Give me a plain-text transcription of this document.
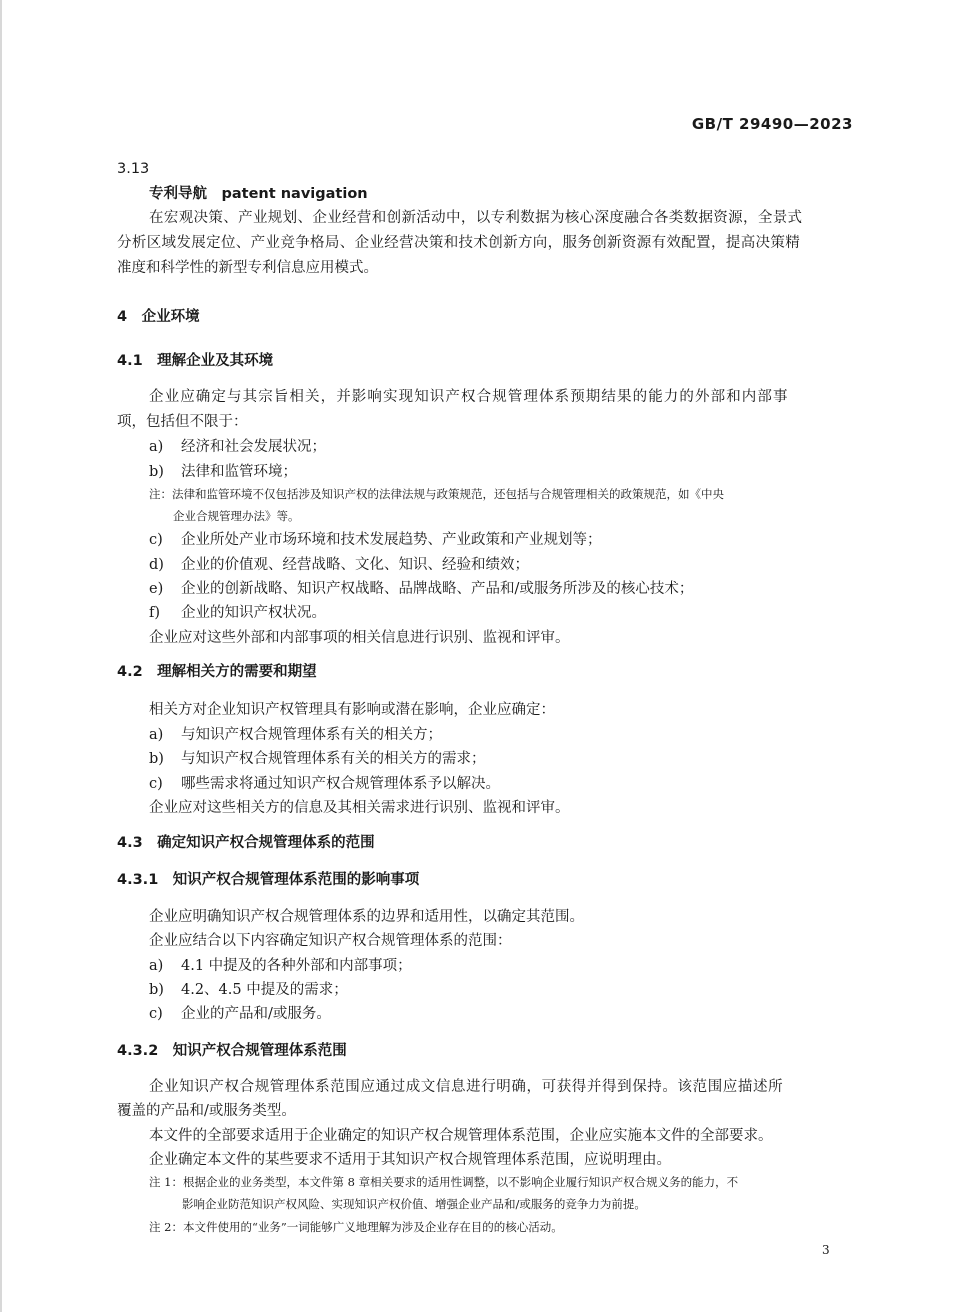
GB/T 29490—2023
3.13
专利导航　patent navigation
在宏观决策、产业规划、企业经营和创新活动中，以专利数据为核心深度融合各类数据资源，全景式
分析区域发展定位、产业竞争格局、企业经营决策和技术创新方向，服务创新资源有效配置，提高决策精
准度和科学性的新型专利信息应用模式。
4　企业环境
4.1　理解企业及其环境
企业应确定与其宗旨相关，并影响实现知识产权合规管理体系预期结果的能力的外部和内部事
项，包括但不限于：
a) 经济和社会发展状况；
b) 法律和监管环境；
注：法律和监管环境不仅包括涉及知识产权的法律法规与政策规范，还包括与合规管理相关的政策规范，如《中央
企业合规管理办法》等。
c) 企业所处产业市场环境和技术发展趋势、产业政策和产业规划等；
d) 企业的价值观、经营战略、文化、知识、经验和绩效；
e) 企业的创新战略、知识产权战略、品牌战略、产品和/或服务所涉及的核心技术；
f) 企业的知识产权状况。
企业应对这些外部和内部事项的相关信息进行识别、监视和评审。
4.2　理解相关方的需要和期望
相关方对企业知识产权管理具有影响或潜在影响，企业应确定：
a) 与知识产权合规管理体系有关的相关方；
b) 与知识产权合规管理体系有关的相关方的需求；
c) 哪些需求将通过知识产权合规管理体系予以解决。
企业应对这些相关方的信息及其相关需求进行识别、监视和评审。
4.3　确定知识产权合规管理体系的范围
4.3.1　知识产权合规管理体系范围的影响事项
企业应明确知识产权合规管理体系的边界和适用性，以确定其范围。
企业应结合以下内容确定知识产权合规管理体系的范围：
a) 4.1 中提及的各种外部和内部事项；
b) 4.2、4.5 中提及的需求；
c) 企业的产品和/或服务。
4.3.2　知识产权合规管理体系范围
企业知识产权合规管理体系范围应通过成文信息进行明确，可获得并得到保持。该范围应描述所
覆盖的产品和/或服务类型。
本文件的全部要求适用于企业确定的知识产权合规管理体系范围，企业应实施本文件的全部要求。
企业确定本文件的某些要求不适用于其知识产权合规管理体系范围，应说明理由。
注 1：根据企业的业务类型，本文件第 8 章相关要求的适用性调整，以不影响企业履行知识产权合规义务的能力，不
影响企业防范知识产权风险、实现知识产权价值、增强企业产品和/或服务的竞争力为前提。
注 2：本文件使用的“业务”一词能够广义地理解为涉及企业存在目的的核心活动。
3
